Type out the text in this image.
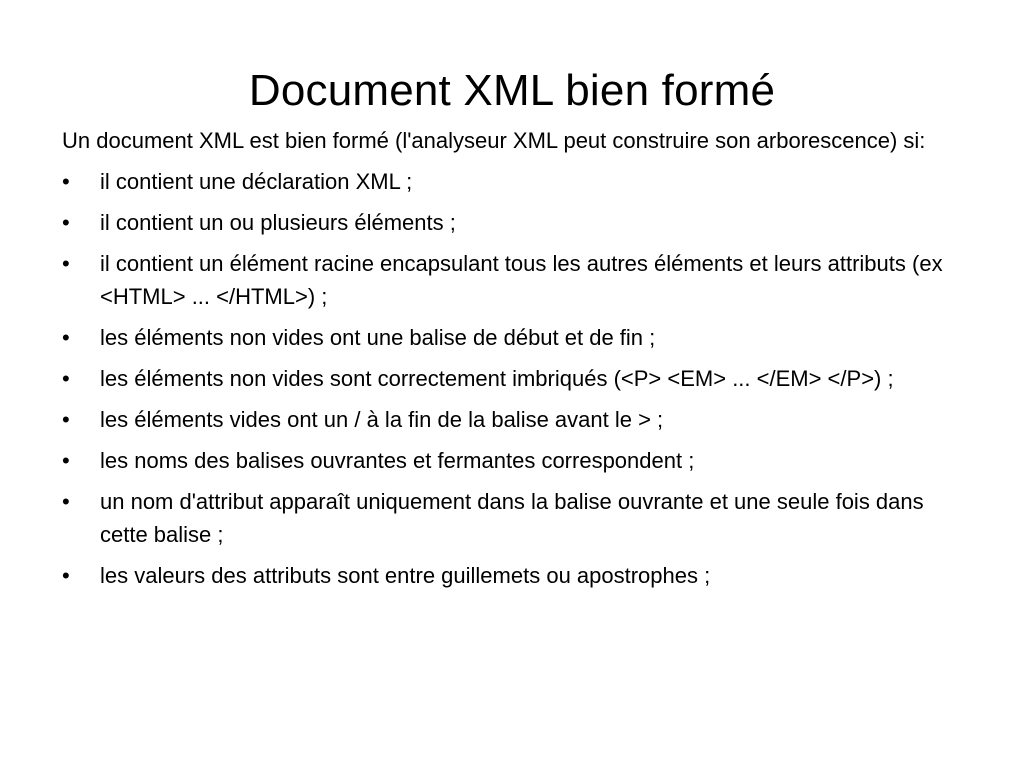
Document XML bien formé

Un document XML est bien formé (l'analyseur XML peut construire son arborescence) si:

•	il contient une déclaration XML ;
•	il contient un ou plusieurs éléments ;
•	il contient un élément racine encapsulant tous les autres éléments et leurs attributs (ex <HTML> ... </HTML>) ;
•	les éléments non vides ont une balise de début et de fin ;
•	les éléments non vides sont correctement imbriqués (<P> <EM> ... </EM> </P>) ;
•	les éléments vides ont un / à la fin de la balise avant le > ;
•	les noms des balises ouvrantes et fermantes correspondent ;
•	un nom d'attribut apparaît uniquement dans la balise ouvrante et une seule fois dans cette balise ;
•	les valeurs des attributs sont entre guillemets ou apostrophes ;
